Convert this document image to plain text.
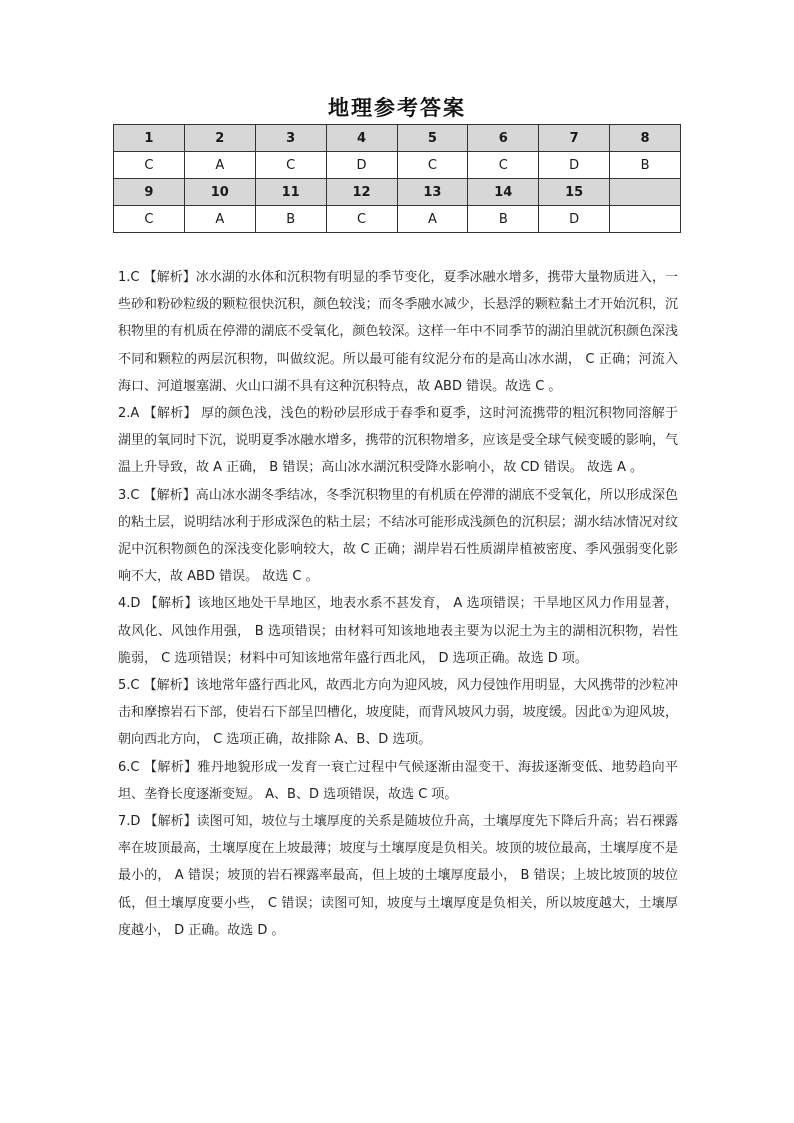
地理参考答案
1	2	3	4	5	6	7	8
C	A	C	D	C	C	D	B
9	10	11	12	13	14	15	
C	A	B	C	A	B	D	

1.C 【解析】冰水湖的水体和沉积物有明显的季节变化，夏季冰融水增多，携带大量物质进入，一些砂和粉砂粒级的颗粒很快沉积，颜色较浅；而冬季融水减少，长悬浮的颗粒黏土才开始沉积，沉积物里的有机质在停滞的湖底不受氧化，颜色较深。这样一年中不同季节的湖泊里就沉积颜色深浅不同和颗粒的两层沉积物，叫做纹泥。所以最可能有纹泥分布的是高山冰水湖， C 正确；河流入海口、河道堰塞湖、火山口湖不具有这种沉积特点，故 ABD 错误。故选 C 。

2.A 【解析】 厚的颜色浅，浅色的粉砂层形成于春季和夏季，这时河流携带的粗沉积物同溶解于湖里的氧同时下沉，说明夏季冰融水增多，携带的沉积物增多，应该是受全球气候变暖的影响，气温上升导致，故 A 正确， B 错误；高山冰水湖沉积受降水影响小，故 CD 错误。 故选 A 。

3.C 【解析】高山冰水湖冬季结冰，冬季沉积物里的有机质在停滞的湖底不受氧化，所以形成深色的粘土层，说明结冰利于形成深色的粘土层；不结冰可能形成浅颜色的沉积层；湖水结冰情况对纹泥中沉积物颜色的深浅变化影响较大，故 C 正确；湖岸岩石性质湖岸植被密度、季风强弱变化影响不大，故 ABD 错误。 故选 C 。

4.D 【解析】该地区地处干旱地区，地表水系不甚发育， A 选项错误；干旱地区风力作用显著，故风化、风蚀作用强， B 选项错误；由材料可知该地地表主要为以泥土为主的湖相沉积物，岩性脆弱， C 选项错误；材料中可知该地常年盛行西北风， D 选项正确。故选 D 项。

5.C 【解析】该地常年盛行西北风，故西北方向为迎风坡，风力侵蚀作用明显，大风携带的沙粒冲击和摩擦岩石下部，使岩石下部呈凹槽化，坡度陡，而背风坡风力弱，坡度缓。因此①为迎风坡，朝向西北方向， C 选项正确，故排除 A、B、D 选项。

6.C 【解析】雅丹地貌形成一发育一衰亡过程中气候逐渐由湿变干、海拔逐渐变低、地势趋向平坦、垄脊长度逐渐变短。 A、B、D 选项错误，故选 C 项。

7.D 【解析】读图可知，坡位与土壤厚度的关系是随坡位升高，土壤厚度先下降后升高；岩石裸露率在坡顶最高，土壤厚度在上坡最薄；坡度与土壤厚度是负相关。坡顶的坡位最高，土壤厚度不是最小的， A 错误；坡顶的岩石裸露率最高，但上坡的土壤厚度最小， B 错误；上坡比坡顶的坡位低，但土壤厚度要小些， C 错误；读图可知，坡度与土壤厚度是负相关，所以坡度越大，土壤厚度越小， D 正确。故选 D 。
